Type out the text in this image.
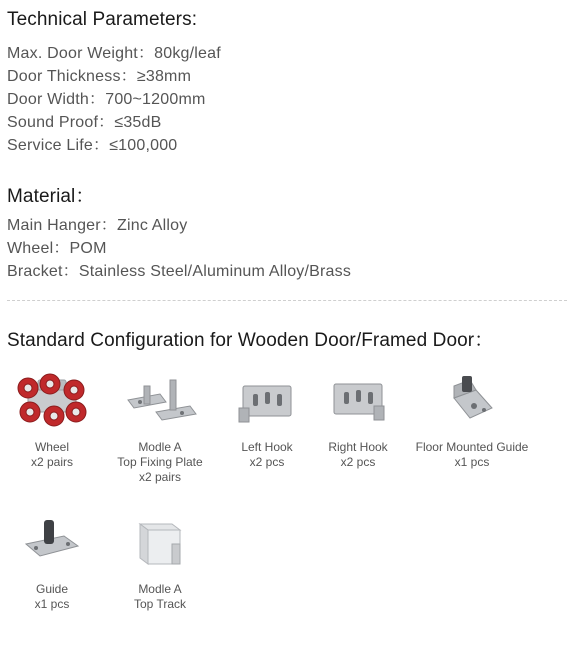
Technical Parameters:
Max. Door Weight：80kg/leaf
Door Thickness：≥38mm
Door Width：700~1200mm
Sound Proof：≤35dB
Service Life：≤100,000
Material：
Main Hanger：Zinc Alloy
Wheel：POM
Bracket：Stainless Steel/Aluminum Alloy/Brass
Standard Configuration for Wooden Door/Framed Door：
Wheel
x2 pairs
Modle A
Top Fixing Plate
x2 pairs
Left Hook
x2 pcs
Right Hook
x2 pcs
Floor Mounted Guide
x1 pcs
Guide
x1 pcs
Modle A
Top Track
